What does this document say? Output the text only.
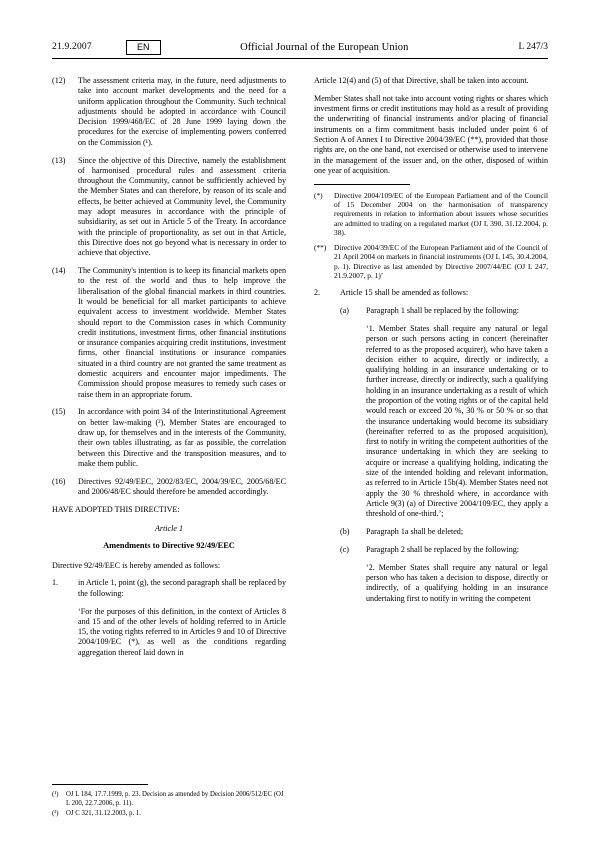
21.9.2007	EN	Official Journal of the European Union	L 247/3
(12)	The assessment criteria may, in the future, need adjustments to take into account market developments and the need for a uniform application throughout the Community. Such technical adjustments should be adopted in accordance with Council Decision 1999/468/EC of 28 June 1999 laying down the procedures for the exercise of implementing powers conferred on the Commission (¹).
(13)	Since the objective of this Directive, namely the establishment of harmonised procedural rules and assessment criteria throughout the Community, cannot be sufficiently achieved by the Member States and can therefore, by reason of its scale and effects, be better achieved at Community level, the Community may adopt measures in accordance with the principle of subsidiarity, as set out in Article 5 of the Treaty. In accordance with the principle of proportionality, as set out in that Article, this Directive does not go beyond what is necessary in order to achieve that objective.
(14)	The Community's intention is to keep its financial markets open to the rest of the world and thus to help improve the liberalisation of the global financial markets in third countries. It would be beneficial for all market participants to achieve equivalent access to investment worldwide. Member States should report to the Commission cases in which Community credit institutions, investment firms, other financial institutions or insurance companies acquiring credit institutions, investment firms, other financial institutions or insurance companies situated in a third country are not granted the same treatment as domestic acquirers and encounter major impediments. The Commission should propose measures to remedy such cases or raise them in an appropriate forum.
(15)	In accordance with point 34 of the Interinstitutional Agreement on better law-making (²), Member States are encouraged to draw up, for themselves and in the interests of the Community, their own tables illustrating, as far as possible, the correlation between this Directive and the transposition measures, and to make them public.
(16)	Directives 92/49/EEC, 2002/83/EC, 2004/39/EC, 2005/68/EC and 2006/48/EC should therefore be amended accordingly.
HAVE ADOPTED THIS DIRECTIVE:
Article 1
Amendments to Directive 92/49/EEC
Directive 92/49/EEC is hereby amended as follows:
1.	in Article 1, point (g), the second paragraph shall be replaced by the following:
‘For the purposes of this definition, in the context of Articles 8 and 15 and of the other levels of holding referred to in Article 15, the voting rights referred to in Articles 9 and 10 of Directive 2004/109/EC (*), as well as the conditions regarding aggregation thereof laid down in
(¹)	OJ L 184, 17.7.1999, p. 23. Decision as amended by Decision 2006/512/EC (OJ L 200, 22.7.2006, p. 11).
(²)	OJ C 321, 31.12.2003, p. 1.
Article 12(4) and (5) of that Directive, shall be taken into account.
Member States shall not take into account voting rights or shares which investment firms or credit institutions may hold as a result of providing the underwriting of financial instruments and/or placing of financial instruments on a firm commitment basis included under point 6 of Section A of Annex I to Directive 2004/39/EC (**), provided that those rights are, on the one hand, not exercised or otherwise used to intervene in the management of the issuer and, on the other, disposed of within one year of acquisition.
(*)	Directive 2004/109/EC of the European Parliament and of the Council of 15 December 2004 on the harmonisation of transparency requirements in relation to information about issuers whose securities are admitted to trading on a regulated market (OJ L 390, 31.12.2004, p. 38).
(**)	Directive 2004/39/EC of the European Parliament and of the Council of 21 April 2004 on markets in financial instruments (OJ L 145, 30.4.2004, p. 1). Directive as last amended by Directive 2007/44/EC (OJ L 247, 21.9.2007, p. 1)’
2.	Article 15 shall be amended as follows:
(a)	Paragraph 1 shall be replaced by the following:
‘1. Member States shall require any natural or legal person or such persons acting in concert (hereinafter referred to as the proposed acquirer), who have taken a decision either to acquire, directly or indirectly, a qualifying holding in an insurance undertaking or to further increase, directly or indirectly, such a qualifying holding in an insurance undertaking as a result of which the proportion of the voting rights or of the capital held would reach or exceed 20 %, 30 % or 50 % or so that the insurance undertaking would become its subsidiary (hereinafter referred to as the proposed acquisition), first to notify in writing the competent authorities of the insurance undertaking in which they are seeking to acquire or increase a qualifying holding, indicating the size of the intended holding and relevant information, as referred to in Article 15b(4). Member States need not apply the 30 % threshold where, in accordance with Article 9(3) (a) of Directive 2004/109/EC, they apply a threshold of one-third.’;
(b)	Paragraph 1a shall be deleted;
(c)	Paragraph 2 shall be replaced by the following:
‘2. Member States shall require any natural or legal person who has taken a decision to dispose, directly or indirectly, of a qualifying holding in an insurance undertaking first to notify in writing the competent
